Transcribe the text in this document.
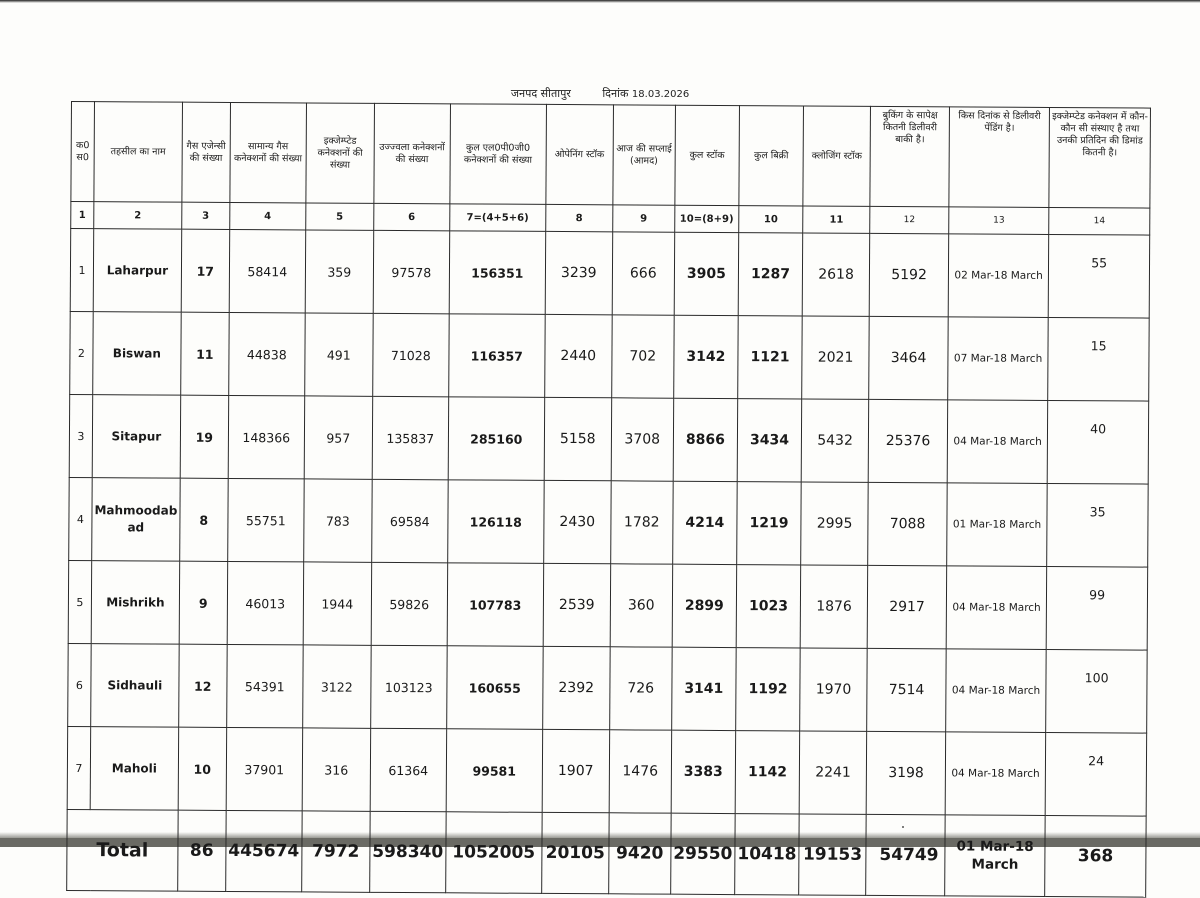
जनपद सीतापुर	दिनांक 18.03.2026
क0 स0	तहसील का नाम	गैस एजेन्सी की संख्या	सामान्य गैस कनेक्शनों की संख्या	इक्जेम्प्टेड कनेक्शनों की संख्या	उज्ज्वला कनेक्शनों की संख्या	कुल एल0पी0जी0 कनेक्शनों की संख्या	ओपेनिंग स्टॉक	आज की सप्लाई (आमद)	कुल स्टॉक	कुल बिक्री	क्लोजिंग स्टॉक	बुकिंग के सापेक्ष कितनी डिलीवरी बाकी है।	किस दिनांक से डिलीवरी पेंडिंग है।	इक्जेम्प्टेड कनेक्शन में कौन-कौन सी संस्थाए है तथा उनकी प्रतिदिन की डिमांड कितनी है।
1	2	3	4	5	6	7=(4+5+6)	8	9	10=(8+9)	10	11	12	13	14
1	Laharpur	17	58414	359	97578	156351	3239	666	3905	1287	2618	5192	02 Mar-18 March	55
2	Biswan	11	44838	491	71028	116357	2440	702	3142	1121	2021	3464	07 Mar-18 March	15
3	Sitapur	19	148366	957	135837	285160	5158	3708	8866	3434	5432	25376	04 Mar-18 March	40
4	Mahmoodab ad	8	55751	783	69584	126118	2430	1782	4214	1219	2995	7088	01 Mar-18 March	35
5	Mishrikh	9	46013	1944	59826	107783	2539	360	2899	1023	1876	2917	04 Mar-18 March	99
6	Sidhauli	12	54391	3122	103123	160655	2392	726	3141	1192	1970	7514	04 Mar-18 March	100
7	Maholi	10	37901	316	61364	99581	1907	1476	3383	1142	2241	3198	04 Mar-18 March	24
Total		86	445674	7972	598340	1052005	20105	9420	29550	10418	19153	54749	01 Mar-18 March	368
